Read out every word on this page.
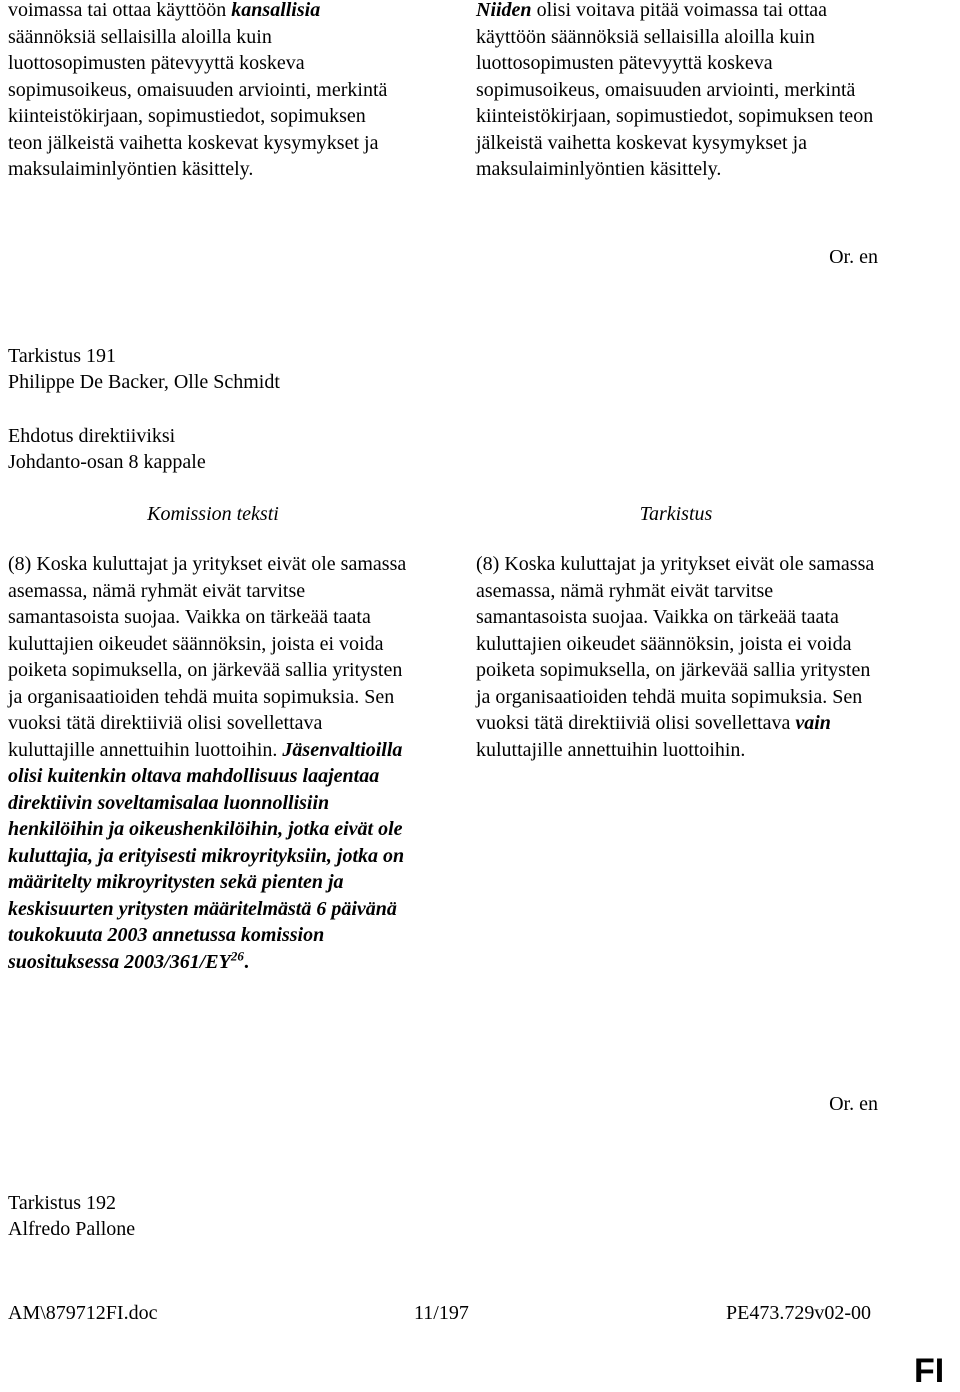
voimassa tai ottaa käyttöön kansallisia säännöksiä sellaisilla aloilla kuin luottosopimusten pätevyyttä koskeva sopimusoikeus, omaisuuden arviointi, merkintä kiinteistökirjaan, sopimustiedot, sopimuksen teon jälkeistä vaihetta koskevat kysymykset ja maksulaiminlyöntien käsittely.

Niiden olisi voitava pitää voimassa tai ottaa käyttöön säännöksiä sellaisilla aloilla kuin luottosopimusten pätevyyttä koskeva sopimusoikeus, omaisuuden arviointi, merkintä kiinteistökirjaan, sopimustiedot, sopimuksen teon jälkeistä vaihetta koskevat kysymykset ja maksulaiminlyöntien käsittely.

Or. en
Tarkistus 191
Philippe De Backer, Olle Schmidt
Ehdotus direktiiviksi
Johdanto-osan 8 kappale
Komission teksti	Tarkistus

(8) Koska kuluttajat ja yritykset eivät ole samassa asemassa, nämä ryhmät eivät tarvitse samantasoista suojaa. Vaikka on tärkeää taata kuluttajien oikeudet säännöksin, joista ei voida poiketa sopimuksella, on järkevää sallia yritysten ja organisaatioiden tehdä muita sopimuksia. Sen vuoksi tätä direktiiviä olisi sovellettava kuluttajille annettuihin luottoihin. Jäsenvaltioilla olisi kuitenkin oltava mahdollisuus laajentaa direktiivin soveltamisalaa luonnollisiin henkilöihin ja oikeushenkilöihin, jotka eivät ole kuluttajia, ja erityisesti mikroyrityksiin, jotka on määritelty mikroyritysten sekä pienten ja keskisuurten yritysten määritelmästä 6 päivänä toukokuuta 2003 annetussa komission suosituksessa 2003/361/EY$^{26}$.

(8) Koska kuluttajat ja yritykset eivät ole samassa asemassa, nämä ryhmät eivät tarvitse samantasoista suojaa. Vaikka on tärkeää taata kuluttajien oikeudet säännöksin, joista ei voida poiketa sopimuksella, on järkevää sallia yritysten ja organisaatioiden tehdä muita sopimuksia. Sen vuoksi tätä direktiiviä olisi sovellettava vain kuluttajille annettuihin luottoihin.

Or. en
Tarkistus 192
Alfredo Pallone
AM\879712FI.doc	11/197	PE473.729v02-00
FI
